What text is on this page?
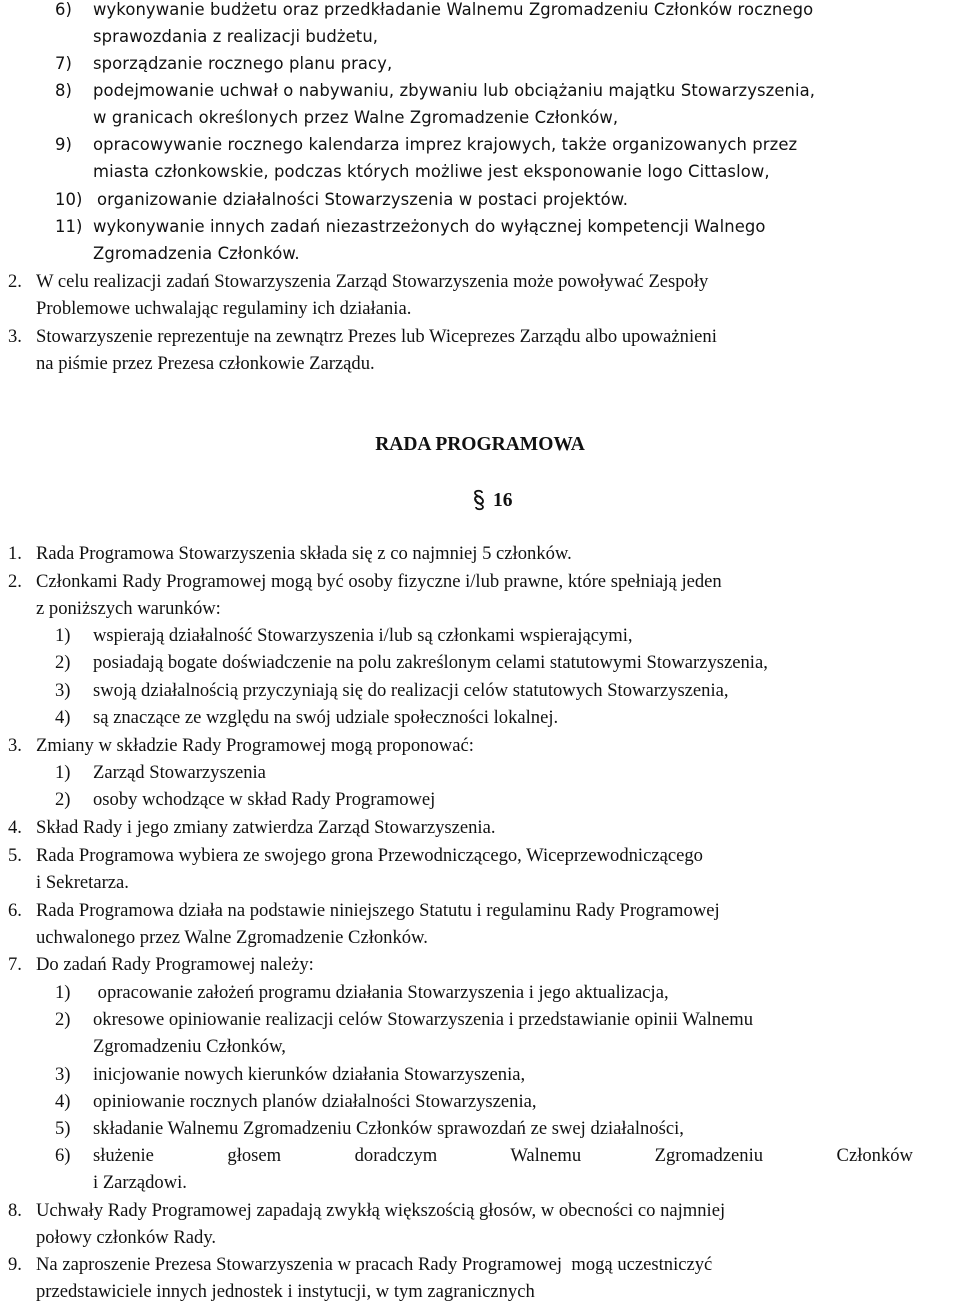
6) wykonywanie budżetu oraz przedkładanie Walnemu Zgromadzeniu Członków rocznego
sprawozdania z realizacji budżetu,
7) sporządzanie rocznego planu pracy,
8) podejmowanie uchwał o nabywaniu, zbywaniu lub obciążaniu majątku Stowarzyszenia,
w granicach określonych przez Walne Zgromadzenie Członków,
9) opracowywanie rocznego kalendarza imprez krajowych, także organizowanych przez
miasta członkowskie, podczas których możliwe jest eksponowanie logo Cittaslow,
10) organizowanie działalności Stowarzyszenia w postaci projektów.
11) wykonywanie innych zadań niezastrzeżonych do wyłącznej kompetencji Walnego
Zgromadzenia Członków.
2. W celu realizacji zadań Stowarzyszenia Zarząd Stowarzyszenia może powoływać Zespoły
Problemowe uchwalając regulaminy ich działania.
3. Stowarzyszenie reprezentuje na zewnątrz Prezes lub Wiceprezes Zarządu albo upoważnieni
na piśmie przez Prezesa członkowie Zarządu.
RADA PROGRAMOWA
16
1. Rada Programowa Stowarzyszenia składa się z co najmniej 5 członków.
2. Członkami Rady Programowej mogą być osoby fizyczne i/lub prawne, które spełniają jeden
z poniższych warunków:
1) wspierają działalność Stowarzyszenia i/lub są członkami wspierającymi,
2) posiadają bogate doświadczenie na polu zakreślonym celami statutowymi Stowarzyszenia,
3) swoją działalnością przyczyniają się do realizacji celów statutowych Stowarzyszenia,
4) są znaczące ze względu na swój udziale społeczności lokalnej.
3. Zmiany w składzie Rady Programowej mogą proponować:
1) Zarząd Stowarzyszenia
2) osoby wchodzące w skład Rady Programowej
4. Skład Rady i jego zmiany zatwierdza Zarząd Stowarzyszenia.
5. Rada Programowa wybiera ze swojego grona Przewodniczącego, Wiceprzewodniczącego
i Sekretarza.
6. Rada Programowa działa na podstawie niniejszego Statutu i regulaminu Rady Programowej
uchwalonego przez Walne Zgromadzenie Członków.
7. Do zadań Rady Programowej należy:
1) opracowanie założeń programu działania Stowarzyszenia i jego aktualizacja,
2) okresowe opiniowanie realizacji celów Stowarzyszenia i przedstawianie opinii Walnemu
Zgromadzeniu Członków,
3) inicjowanie nowych kierunków działania Stowarzyszenia,
4) opiniowanie rocznych planów działalności Stowarzyszenia,
5) składanie Walnemu Zgromadzeniu Członków sprawozdań ze swej działalności,
6) służenie głosem doradczym Walnemu Zgromadzeniu Członków
i Zarządowi.
8. Uchwały Rady Programowej zapadają zwykłą większością głosów, w obecności co najmniej
połowy członków Rady.
9. Na zaproszenie Prezesa Stowarzyszenia w pracach Rady Programowej  mogą uczestniczyć
przedstawiciele innych jednostek i instytucji, w tym zagranicznych
